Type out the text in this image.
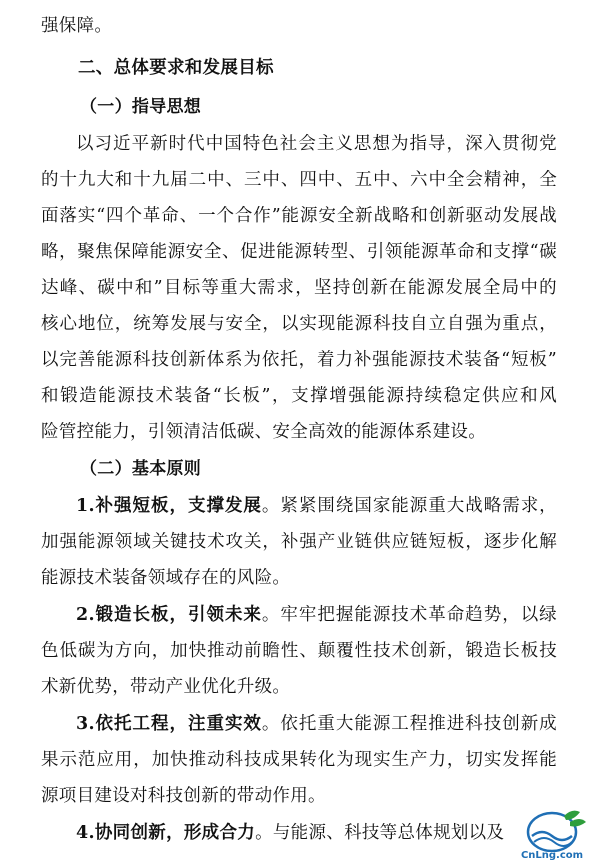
强保障。
二、总体要求和发展目标
（一）指导思想
以习近平新时代中国特色社会主义思想为指导，深入贯彻党
的十九大和十九届二中、三中、四中、五中、六中全会精神，全
面落实“四个革命、一个合作”能源安全新战略和创新驱动发展战
略，聚焦保障能源安全、促进能源转型、引领能源革命和支撑“碳
达峰、碳中和”目标等重大需求，坚持创新在能源发展全局中的
核心地位，统筹发展与安全，以实现能源科技自立自强为重点，
以完善能源科技创新体系为依托，着力补强能源技术装备“短板”
和锻造能源技术装备“长板”，支撑增强能源持续稳定供应和风
险管控能力，引领清洁低碳、安全高效的能源体系建设。
（二）基本原则
1.补强短板，支撑发展。紧紧围绕国家能源重大战略需求，
加强能源领域关键技术攻关，补强产业链供应链短板，逐步化解
能源技术装备领域存在的风险。
2.锻造长板，引领未来。牢牢把握能源技术革命趋势，以绿
色低碳为方向，加快推动前瞻性、颠覆性技术创新，锻造长板技
术新优势，带动产业优化升级。
3.依托工程，注重实效。依托重大能源工程推进科技创新成
果示范应用，加快推动科技成果转化为现实生产力，切实发挥能
源项目建设对科技创新的带动作用。
4.协同创新，形成合力。与能源、科技等总体规划以及
CnLng.com
